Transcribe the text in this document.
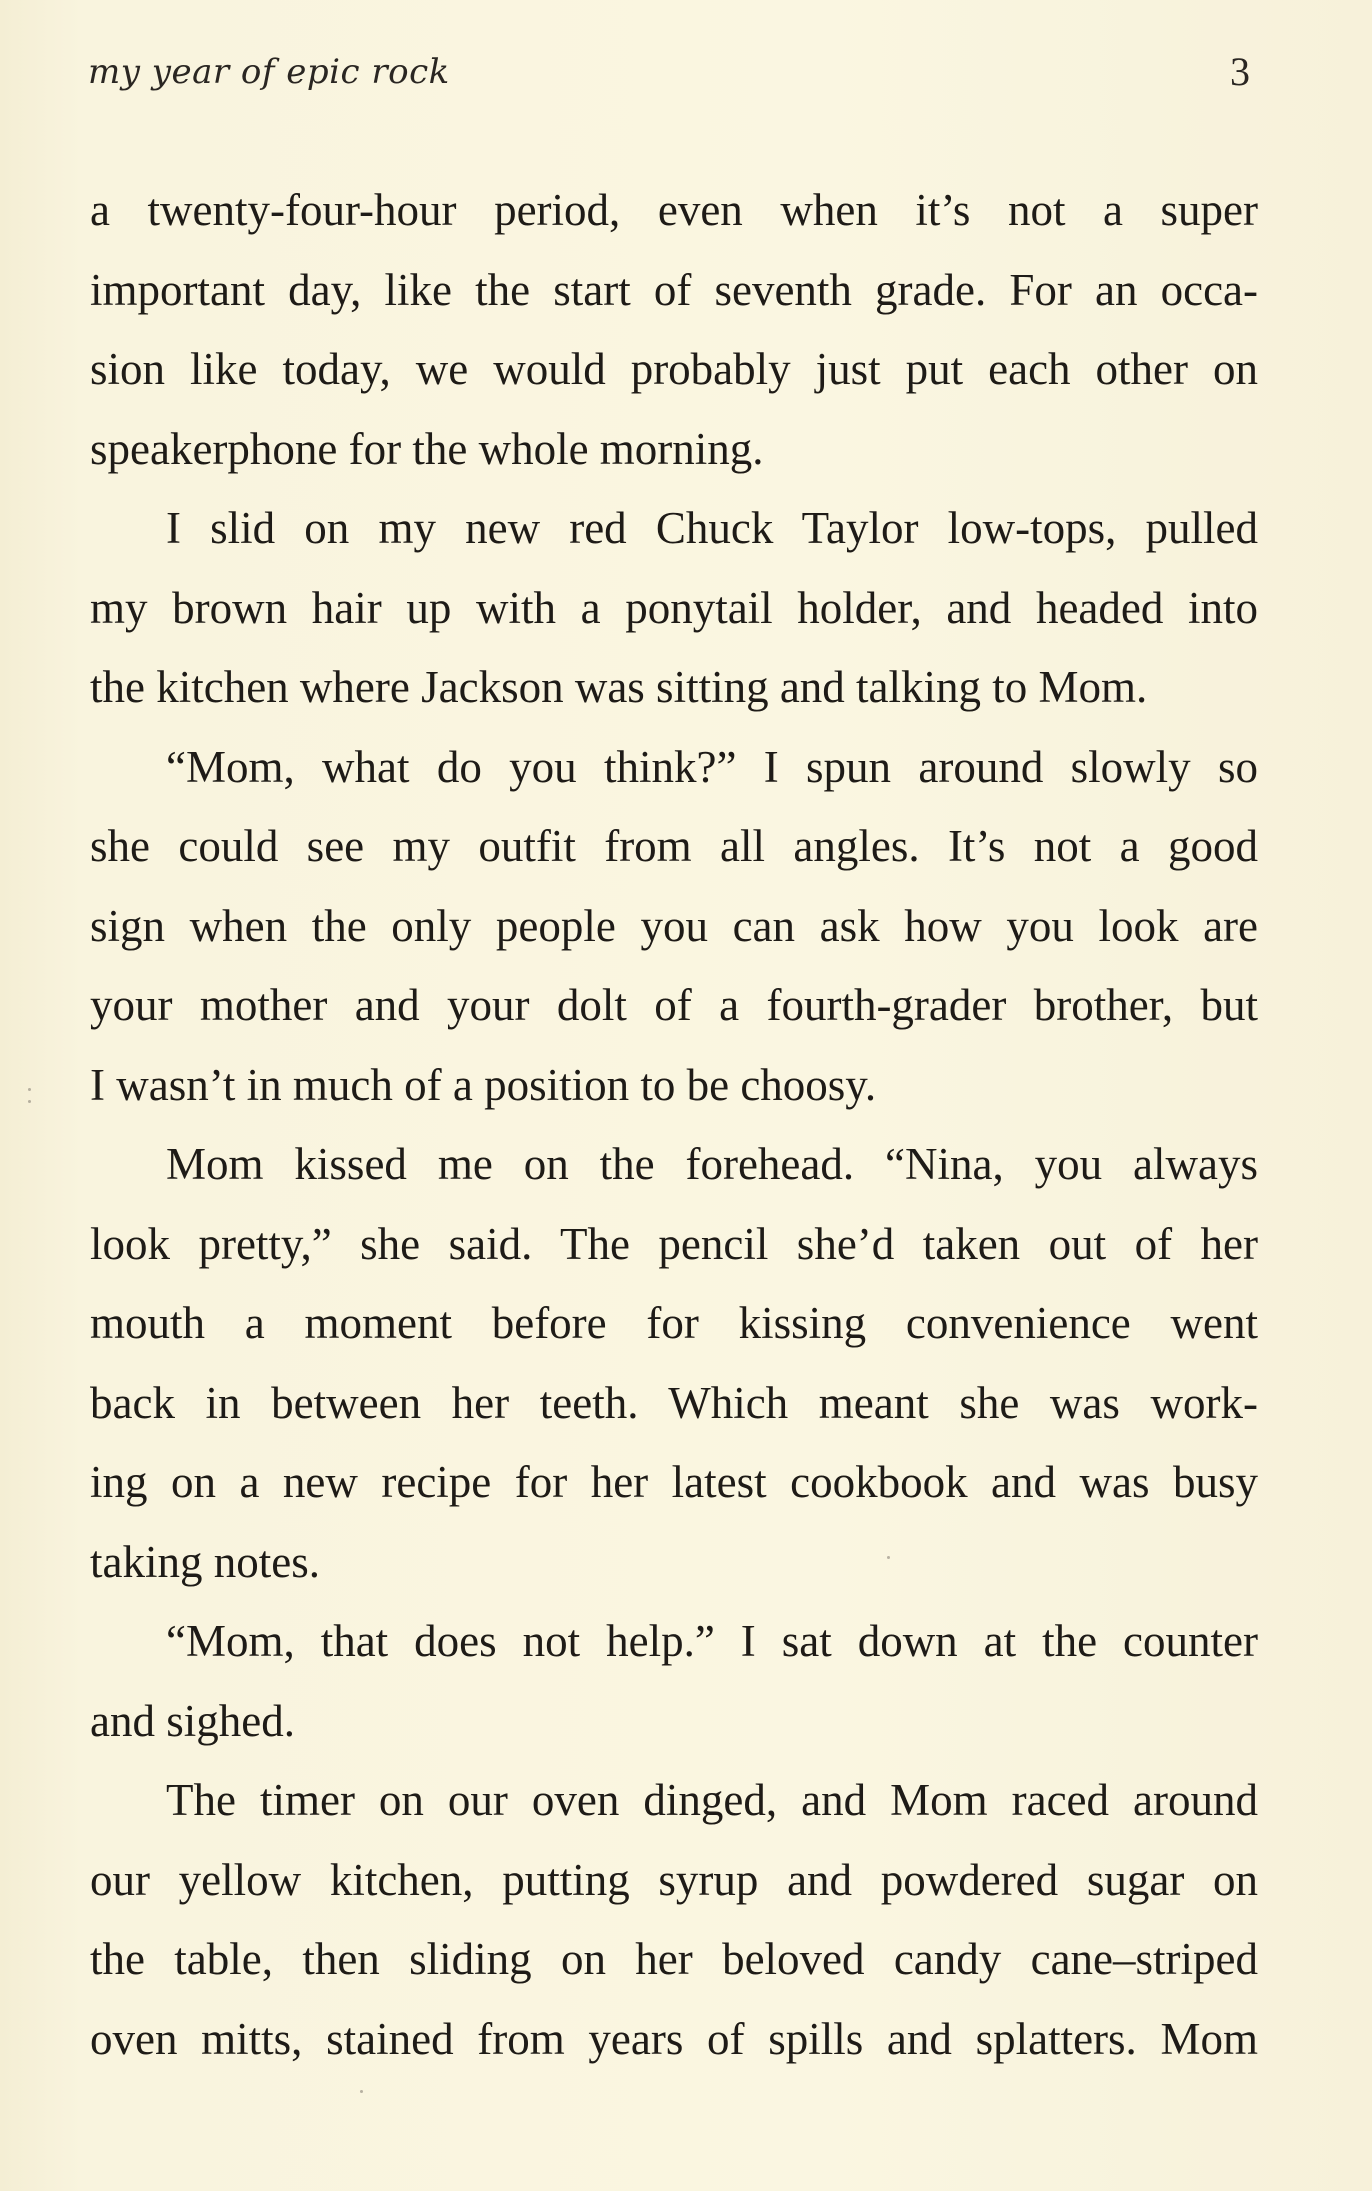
my year of epic rock	3
a twenty-four-hour period, even when it’s not a super
important day, like the start of seventh grade. For an occa-
sion like today, we would probably just put each other on
speakerphone for the whole morning.
I slid on my new red Chuck Taylor low-tops, pulled
my brown hair up with a ponytail holder, and headed into
the kitchen where Jackson was sitting and talking to Mom.
“Mom, what do you think?” I spun around slowly so
she could see my outfit from all angles. It’s not a good
sign when the only people you can ask how you look are
your mother and your dolt of a fourth-grader brother, but
I wasn’t in much of a position to be choosy.
Mom kissed me on the forehead. “Nina, you always
look pretty,” she said. The pencil she’d taken out of her
mouth a moment before for kissing convenience went
back in between her teeth. Which meant she was work-
ing on a new recipe for her latest cookbook and was busy
taking notes.
“Mom, that does not help.” I sat down at the counter
and sighed.
The timer on our oven dinged, and Mom raced around
our yellow kitchen, putting syrup and powdered sugar on
the table, then sliding on her beloved candy cane–striped
oven mitts, stained from years of spills and splatters. Mom
